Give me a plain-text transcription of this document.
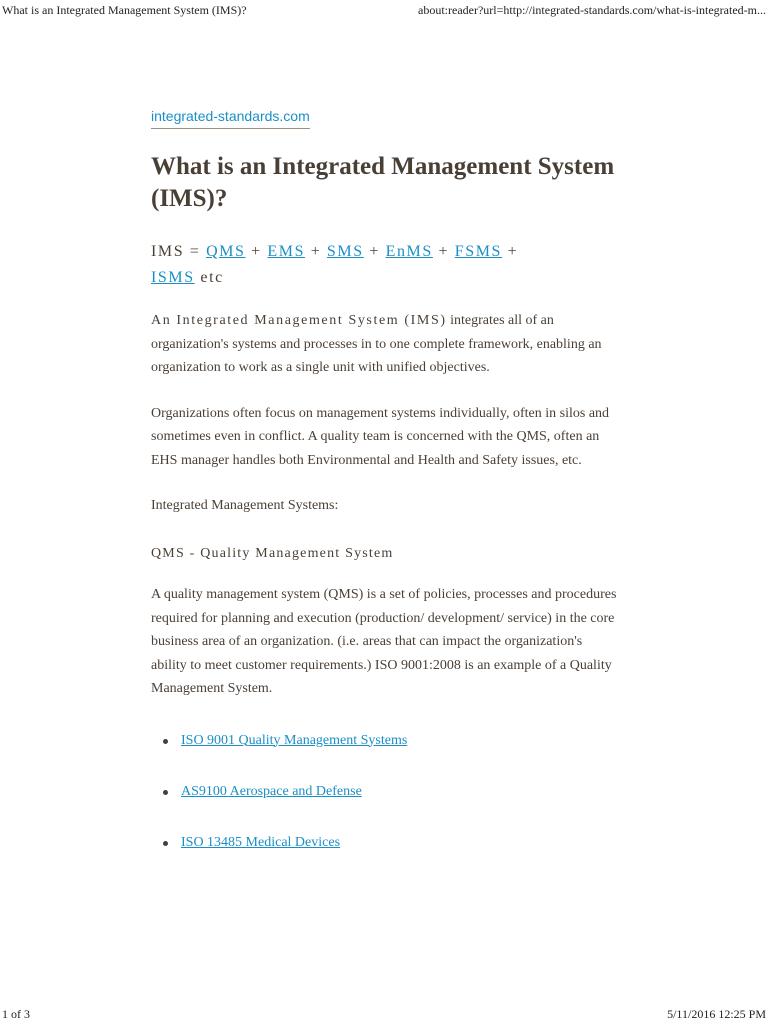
What is an Integrated Management System (IMS)?	about:reader?url=http://integrated-standards.com/what-is-integrated-m...
integrated-standards.com
What is an Integrated Management System (IMS)?
IMS = QMS + EMS + SMS + EnMS + FSMS +
ISMS etc

An Integrated Management System (IMS) integrates all of an organization's systems and processes in to one complete framework, enabling an organization to work as a single unit with unified objectives.

Organizations often focus on management systems individually, often in silos and sometimes even in conflict. A quality team is concerned with the QMS, often an EHS manager handles both Environmental and Health and Safety issues, etc.

Integrated Management Systems:

QMS - Quality Management System

A quality management system (QMS) is a set of policies, processes and procedures required for planning and execution (production/ development/ service) in the core business area of an organization. (i.e. areas that can impact the organization's ability to meet customer requirements.) ISO 9001:2008 is an example of a Quality Management System.

ISO 9001 Quality Management Systems
AS9100 Aerospace and Defense
ISO 13485 Medical Devices
1 of 3	5/11/2016 12:25 PM
